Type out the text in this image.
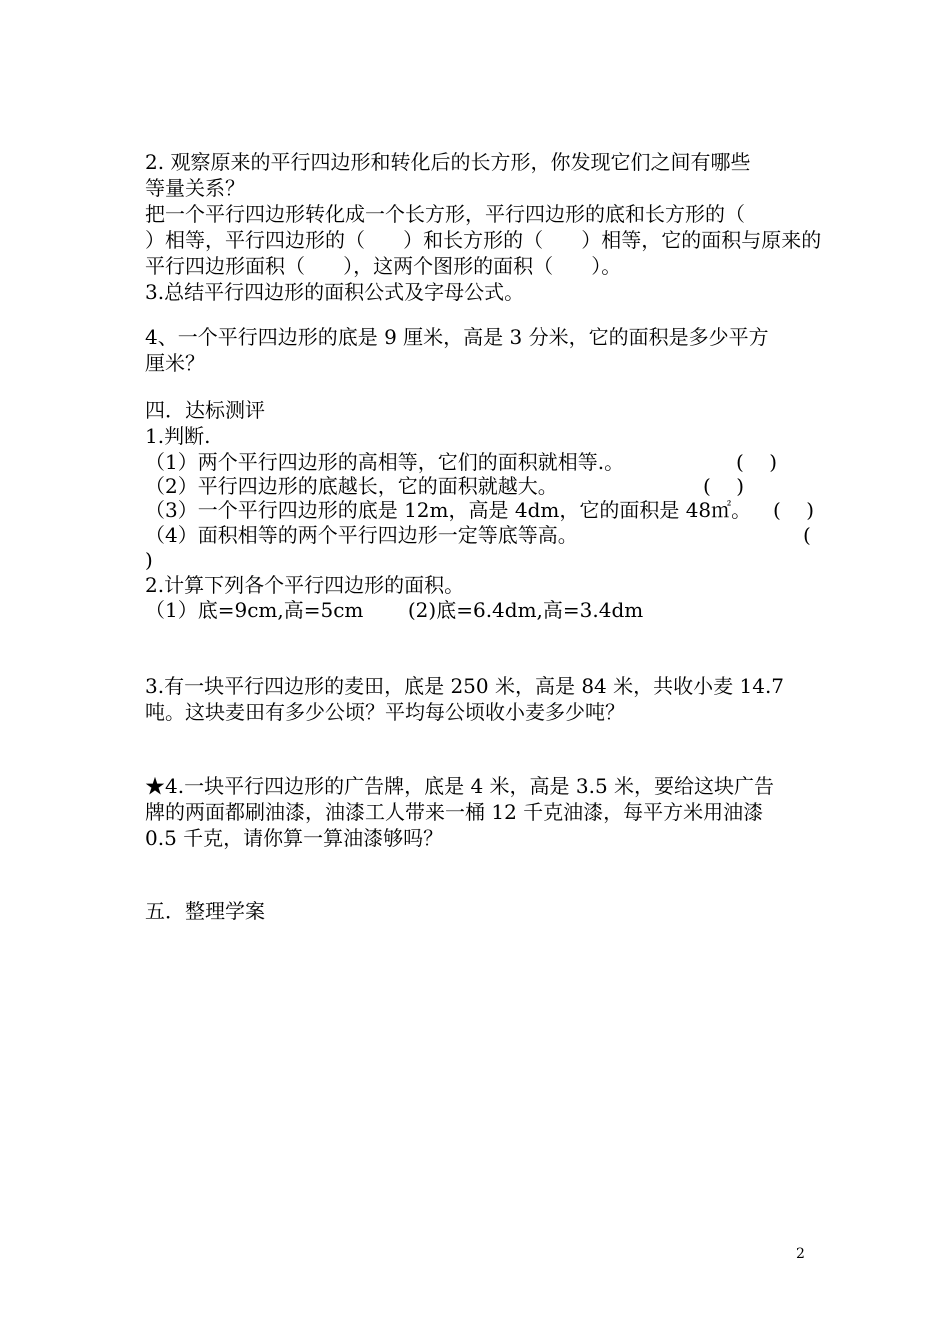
2. 观察原来的平行四边形和转化后的长方形，你发现它们之间有哪些
等量关系？
把一个平行四边形转化成一个长方形，平行四边形的底和长方形的（
）相等，平行四边形的（      ）和长方形的（      ）相等，它的面积与原来的
平行四边形面积（      ），这两个图形的面积（      ）。
3.总结平行四边形的面积公式及字母公式。
4、一个平行四边形的底是 9 厘米，高是 3 分米，它的面积是多少平方
厘米？
四．达标测评
1.判断.
（1）两个平行四边形的高相等，它们的面积就相等.。	(    )
（2）平行四边形的底越长，它的面积就越大。	(    )
（3）一个平行四边形的底是 12m，高是 4dm，它的面积是 48㎡。 (    )
（4）面积相等的两个平行四边形一定等底等高。	(
)
2.计算下列各个平行四边形的面积。
（1）底=9cm,高=5cm       (2)底=6.4dm,高=3.4dm
3.有一块平行四边形的麦田，底是 250 米，高是 84 米，共收小麦 14.7
吨。这块麦田有多少公顷？平均每公顷收小麦多少吨？
★4.一块平行四边形的广告牌，底是 4 米，高是 3.5 米，要给这块广告
牌的两面都刷油漆，油漆工人带来一桶 12 千克油漆，每平方米用油漆
0.5 千克，请你算一算油漆够吗？
五．整理学案
2
